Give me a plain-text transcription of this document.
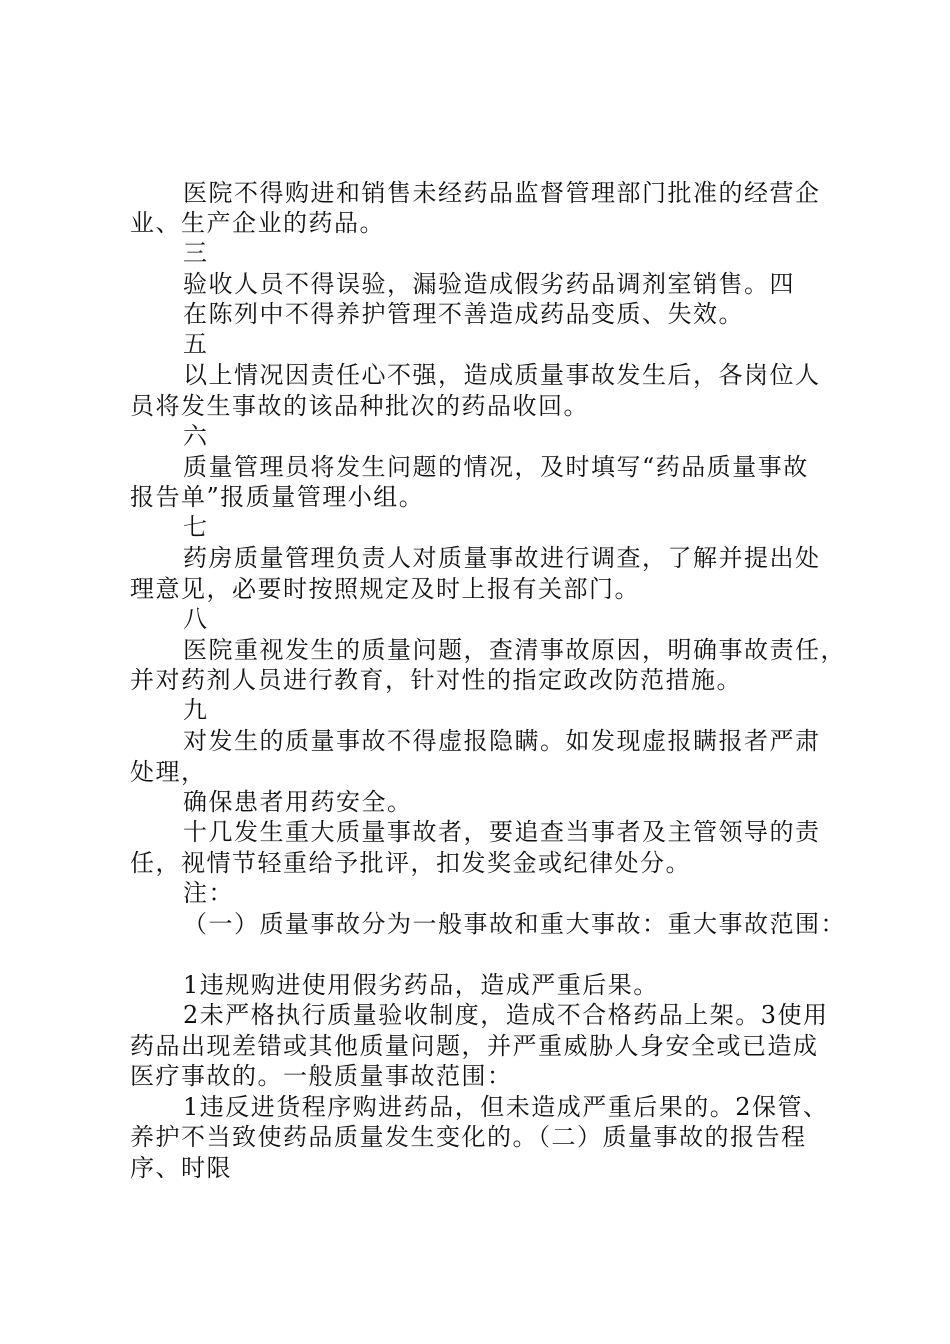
医院不得购进和销售未经药品监督管理部门批准的经营企
业、生产企业的药品。
三
验收人员不得误验，漏验造成假劣药品调剂室销售。四
在陈列中不得养护管理不善造成药品变质、失效。
五
以上情况因责任心不强，造成质量事故发生后，各岗位人
员将发生事故的该品种批次的药品收回。
六
质量管理员将发生问题的情况，及时填写“药品质量事故
报告单”报质量管理小组。
七
药房质量管理负责人对质量事故进行调查，了解并提出处
理意见，必要时按照规定及时上报有关部门。
八
医院重视发生的质量问题，查清事故原因，明确事故责任，
并对药剂人员进行教育，针对性的指定政改防范措施。
九
对发生的质量事故不得虚报隐瞒。如发现虚报瞒报者严肃
处理，
确保患者用药安全。
十几发生重大质量事故者，要追查当事者及主管领导的责
任，视情节轻重给予批评，扣发奖金或纪律处分。
注：
（一）质量事故分为一般事故和重大事故：重大事故范围：
1违规购进使用假劣药品，造成严重后果。
2未严格执行质量验收制度，造成不合格药品上架。3使用
药品出现差错或其他质量问题，并严重威胁人身安全或已造成
医疗事故的。一般质量事故范围：
1违反进货程序购进药品，但未造成严重后果的。2保管、
养护不当致使药品质量发生变化的。（二）质量事故的报告程
序、时限
